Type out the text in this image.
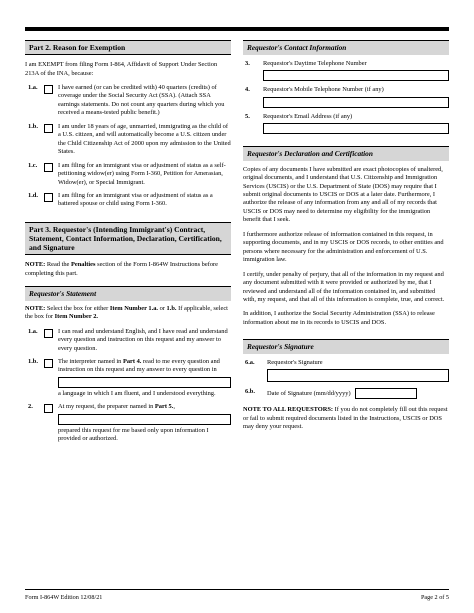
Part 2. Reason for Exemption

I am EXEMPT from filing Form I-864, Affidavit of Support Under Section 213A of the INA, because:

1.a.	I have earned (or can be credited with) 40 quarters (credits) of coverage under the Social Security Act (SSA). (Attach SSA earnings statements. Do not count any quarters during which you received a means-tested public benefit.)

1.b.	I am under 18 years of age, unmarried, immigrating as the child of a U.S. citizen, and will automatically become a U.S. citizen under the Child Citizenship Act of 2000 upon my admission to the United States.

1.c.	I am filing for an immigrant visa or adjustment of status as a self-petitioning widow(er) using Form I-360, Petition for Amerasian, Widow(er), or Special Immigrant.

1.d.	I am filing for an immigrant visa or adjustment of status as a battered spouse or child using Form I-360.

Part 3. Requestor's (Intending Immigrant's) Contract, Statement, Contact Information, Declaration, Certification, and Signature

NOTE: Read the Penalties section of the Form I-864W Instructions before completing this part.

Requestor's Statement

NOTE: Select the box for either Item Number 1.a. or 1.b. If applicable, select the box for Item Number 2.

1.a.	I can read and understand English, and I have read and understand every question and instruction on this request and my answer to every question.

1.b.	The interpreter named in Part 4. read to me every question and instruction on this request and my answer to every question in

a language in which I am fluent, and I understood everything.

2.	At my request, the preparer named in Part 5.,

prepared this request for me based only upon information I provided or authorized.

Requestor's Contact Information
3. Requestor's Daytime Telephone Number

4. Requestor's Mobile Telephone Number (if any)

5. Requestor's Email Address (if any)

Requestor's Declaration and Certification

Copies of any documents I have submitted are exact photocopies of unaltered, original documents, and I understand that U.S. Citizenship and Immigration Services (USCIS) or the U.S. Department of State (DOS) may require that I submit original documents to USCIS or DOS at a later date. Furthermore, I authorize the release of any information from any and all of my records that USCIS or DOS may need to determine my eligibility for the immigration benefit that I seek.

I furthermore authorize release of information contained in this request, in supporting documents, and in my USCIS or DOS records, to other entities and persons where necessary for the administration and enforcement of U.S. immigration law.

I certify, under penalty of perjury, that all of the information in my request and any document submitted with it were provided or authorized by me, that I reviewed and understand all of the information contained in, and submitted with, my request, and that all of this information is complete, true, and correct.

In addition, I authorize the Social Security Administration (SSA) to release information about me in its records to USCIS and DOS.

Requestor's Signature
6.a. Requestor's Signature

6.b. Date of Signature (mm/dd/yyyy)

NOTE TO ALL REQUESTORS: If you do not completely fill out this request or fail to submit required documents listed in the Instructions, USCIS or DOS may deny your request.

Form I-864W Edition 12/08/21	Page 2 of 5
